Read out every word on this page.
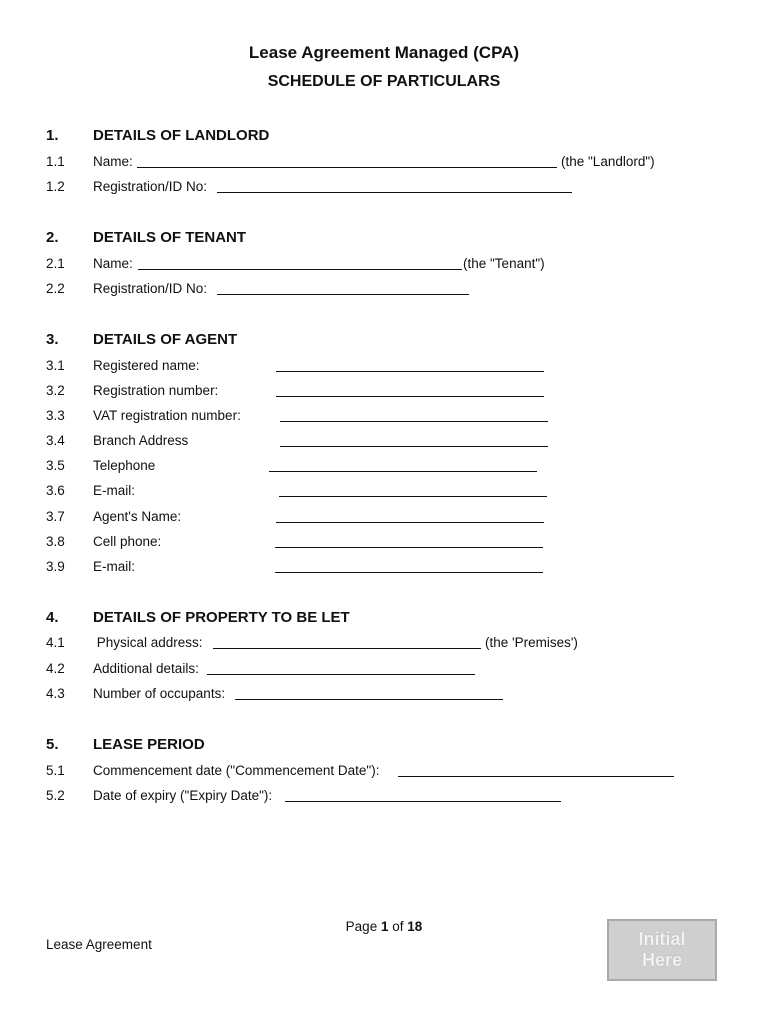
Lease Agreement Managed (CPA)
SCHEDULE OF PARTICULARS
1. DETAILS OF LANDLORD
1.1 Name:	(the "Landlord")
1.2 Registration/ID No:
2. DETAILS OF TENANT
2.1 Name:	(the "Tenant")
2.2 Registration/ID No:
3. DETAILS OF AGENT
3.1 Registered name:
3.2 Registration number:
3.3 VAT registration number:
3.4 Branch Address
3.5 Telephone
3.6 E-mail:
3.7 Agent's Name:
3.8 Cell phone:
3.9 E-mail:
4. DETAILS OF PROPERTY TO BE LET
4.1 Physical address:	(the 'Premises')
4.2 Additional details:
4.3 Number of occupants:
5. LEASE PERIOD
5.1 Commencement date ("Commencement Date"):
5.2 Date of expiry ("Expiry Date"):
Page 1 of 18
Lease Agreement	Initial
Here
